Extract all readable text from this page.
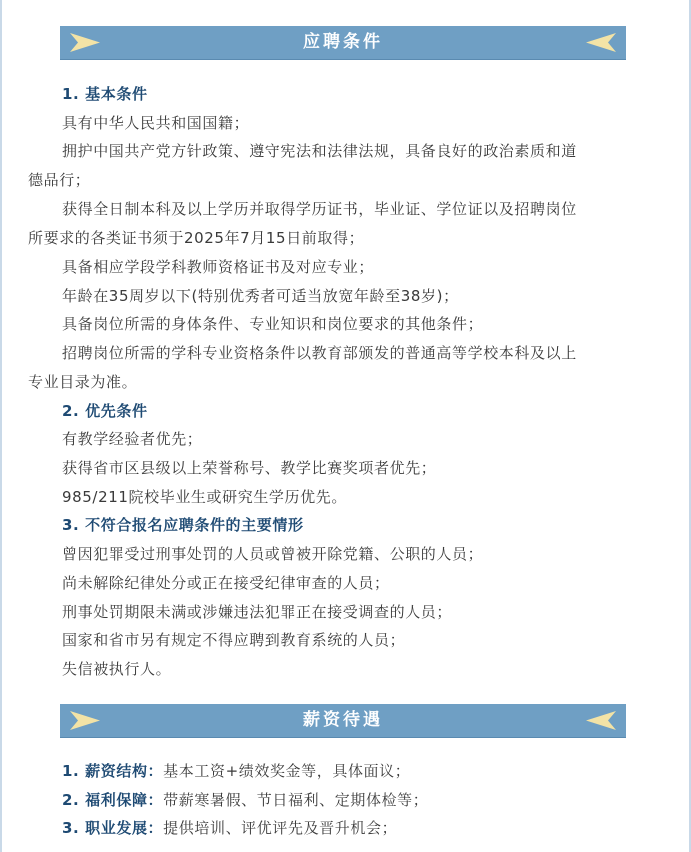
应聘条件
1. 基本条件
具有中华人民共和国国籍；
拥护中国共产党方针政策、遵守宪法和法律法规，具备良好的政治素质和道
德品行；
获得全日制本科及以上学历并取得学历证书，毕业证、学位证以及招聘岗位
所要求的各类证书须于2025年7月15日前取得；
具备相应学段学科教师资格证书及对应专业；
年龄在35周岁以下(特别优秀者可适当放宽年龄至38岁)；
具备岗位所需的身体条件、专业知识和岗位要求的其他条件；
招聘岗位所需的学科专业资格条件以教育部颁发的普通高等学校本科及以上
专业目录为准。
2. 优先条件
有教学经验者优先；
获得省市区县级以上荣誉称号、教学比赛奖项者优先；
985/211院校毕业生或研究生学历优先。
3. 不符合报名应聘条件的主要情形
曾因犯罪受过刑事处罚的人员或曾被开除党籍、公职的人员；
尚未解除纪律处分或正在接受纪律审查的人员；
刑事处罚期限未满或涉嫌违法犯罪正在接受调查的人员；
国家和省市另有规定不得应聘到教育系统的人员；
失信被执行人。
薪资待遇
1. 薪资结构：基本工资+绩效奖金等，具体面议；
2. 福利保障：带薪寒暑假、节日福利、定期体检等；
3. 职业发展：提供培训、评优评先及晋升机会；
